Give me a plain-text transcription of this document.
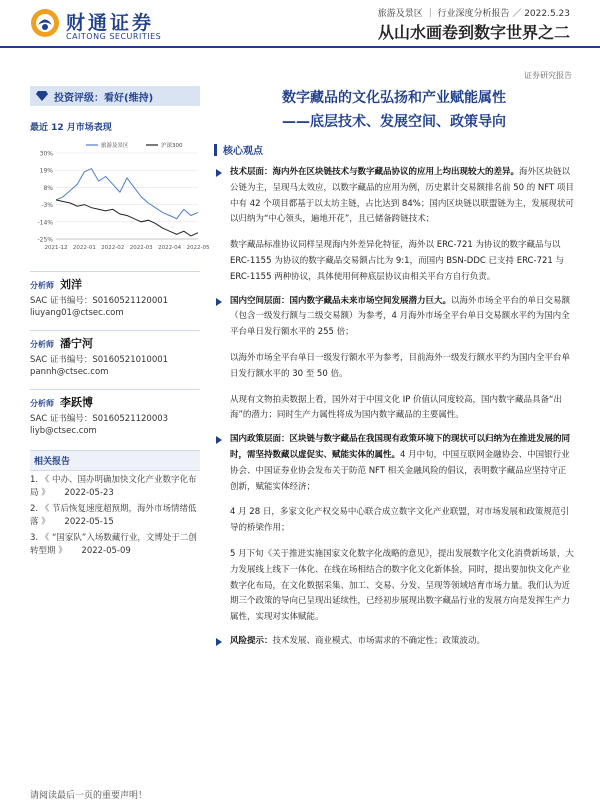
财通证券
CAITONG SECURITIES
旅游及景区 ｜ 行业深度分析报告 ／ 2022.5.23
从山水画卷到数字世界之二
证券研究报告
投资评级：看好(维持)
最近 12 月市场表现
30%
19%
8%
-3%
-14%
-25%
2021-12 2022-01 2022-02 2022-03 2022-04 2022-05
旅游及景区	沪深300
分析师 刘洋
SAC 证书编号：S0160521120001
liuyang01@ctsec.com
分析师 潘宁河
SAC 证书编号：S0160521010001
pannh@ctsec.com
分析师 李跃博
SAC 证书编号：S0160521120003
liyb@ctsec.com
相关报告
1. 《 中办、国办明确加快文化产业数字化布局 》 2022-05-23
2. 《 节后恢复速度超预期，海外市场情绪低落 》 2022-05-15
3. 《 “国家队”入场数藏行业，文博处于二创转型期 》 2022-05-09
数字藏品的文化弘扬和产业赋能属性
——底层技术、发展空间、政策导向
核心观点
技术层面：海内外在区块链技术与数字藏品协议的应用上均出现较大的差异。海外区块链以公链为主，呈现马太效应，以数字藏品的应用为例，历史累计交易额排名前 50 的 NFT 项目中有 42 个项目都基于以太坊主链，占比达到 84%；国内区块链以联盟链为主，发展现状可以归纳为“中心领头，遍地开花”，且已储备跨链技术；
数字藏品标准协议同样呈现海内外差异化特征，海外以 ERC-721 为协议的数字藏品与以 ERC-1155 为协议的数字藏品交易额占比为 9:1，而国内 BSN-DDC 已支持 ERC-721 与 ERC-1155 两种协议，具体使用何种底层协议由相关平台方自行负责。
国内空间层面：国内数字藏品未来市场空间发展潜力巨大。以海外市场全平台的单日交易额（包含一级发行额与二级交易额）为参考，4 月海外市场全平台单日交易额水平约为国内全平台单日发行额水平的 255 倍；
以海外市场全平台单日一级发行额水平为参考，目前海外一级发行额水平约为国内全平台单日发行额水平的 30 至 50 倍。
从现有文物拍卖数据上看，国外对于中国文化 IP 价值认同度较高，国内数字藏品具备“出海”的潜力；同时生产力属性将成为国内数字藏品的主要属性。
国内政策层面：区块链与数字藏品在我国现有政策环境下的现状可以归纳为在推进发展的同时，需坚持数藏以虚促实、赋能实体的属性。4 月中旬，中国互联网金融协会、中国银行业协会、中国证券业协会发布关于防范 NFT 相关金融风险的倡议，表明数字藏品应坚持守正创新，赋能实体经济；
4 月 28 日，多家文化产权交易中心联合成立数字文化产业联盟，对市场发展和政策规范引导的桥梁作用；
5 月下旬《关于推进实施国家文化数字化战略的意见》，提出发展数字化文化消费新场景，大力发展线上线下一体化、在线在场相结合的数字化文化新体验，同时，提出要加快文化产业数字化布局，在文化数据采集、加工、交易、分发、呈现等领域培育市场力量。我们认为近期三个政策的导向已呈现出延续性，已经初步展现出数字藏品行业的发展方向是发挥生产力属性，实现对实体赋能。
风险提示：技术发展、商业模式、市场需求的不确定性；政策波动。
请阅读最后一页的重要声明！
